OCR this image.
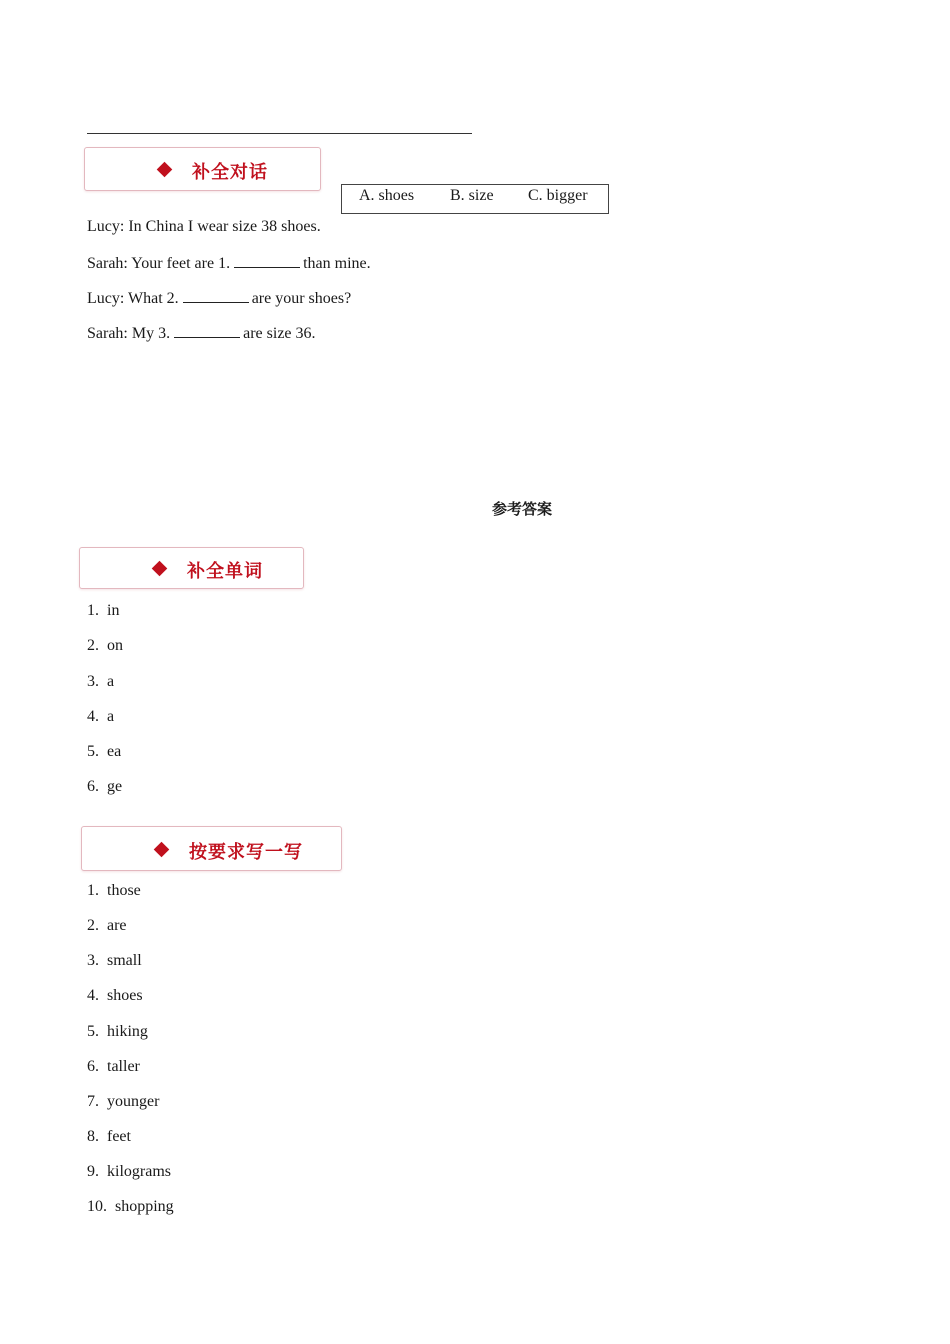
补全对话
A. shoes B. size C. bigger
Lucy: In China I wear size 38 shoes.
Sarah: Your feet are 1.	than mine.
Lucy: What 2.	are your shoes?
Sarah: My 3.	are size 36.
参考答案
补全单词
1. in
2. on
3. a
4. a
5. ea
6. ge
按要求写一写
1. those
2. are
3. small
4. shoes
5. hiking
6. taller
7. younger
8. feet
9. kilograms
10. shopping
